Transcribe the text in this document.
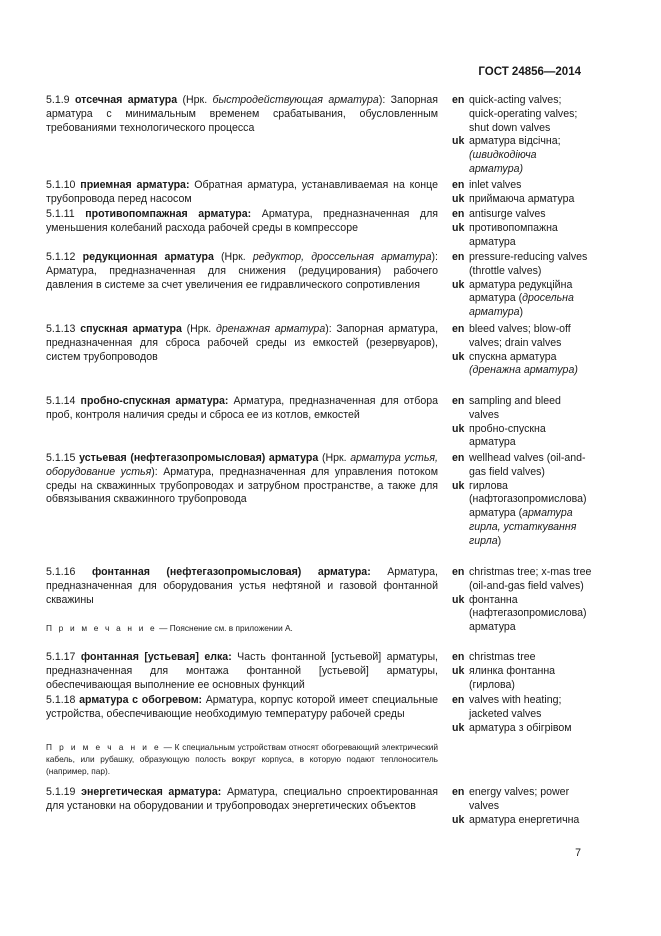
ГОСТ 24856—2014
5.1.9 отсечная арматура (Нрк. быстродействующая арматура): Запорная арматура с минимальным временем срабатывания, обусловленным требованиями технологического процесса
en quick-acting valves; quick-operating valves; shut down valves
uk арматура відсічна; (швидкодіюча арматура)
5.1.10 приемная арматура: Обратная арматура, устанавливаемая на конце трубопровода перед насосом
en inlet valves
uk приймаюча арматура
5.1.11 противопомпажная арматура: Арматура, предназначенная для уменьшения колебаний расхода рабочей среды в компрессоре
en antisurge valves
uk противопомпажна арматура
5.1.12 редукционная арматура (Нрк. редуктор, дроссельная арматура): Арматура, предназначенная для снижения (редуцирования) рабочего давления в системе за счет увеличения ее гидравлического сопротивления
en pressure-reducing valves (throttle valves)
uk арматура редукційна арматура (дросельна арматура)
5.1.13 спускная арматура (Нрк. дренажная арматура): Запорная арматура, предназначенная для сброса рабочей среды из емкостей (резервуаров), систем трубопроводов
en bleed valves; blow-off valves; drain valves
uk спускна арматура (дренажна арматура)
5.1.14 пробно-спускная арматура: Арматура, предназначенная для отбора проб, контроля наличия среды и сброса ее из котлов, емкостей
en sampling and bleed valves
uk пробно-спускна арматура
5.1.15 устьевая (нефтегазопромысловая) арматура (Нрк. арматура устья, оборудование устья): Арматура, предназначенная для управления потоком среды на скважинных трубопроводах и затрубном пространстве, а также для обвязывания скважинного трубопровода
en wellhead valves (oil-and-gas field valves)
uk гирлова (нафтогазопромислова) арматура (арматура гирла, устаткування гирла)
5.1.16 фонтанная (нефтегазопромысловая) арматура: Арматура, предназначенная для оборудования устья нефтяной и газовой фонтанной скважины
en christmas tree; x-mas tree (oil-and-gas field valves)
uk фонтанна (нафтегазопромислова) арматура
П р и м е ч а н и е — Пояснение см. в приложении А.
5.1.17 фонтанная [устьевая] елка: Часть фонтанной [устьевой] арматуры, предназначенная для монтажа фонтанной [устьевой] арматуры, обеспечивающая выполнение ее основных функций
en christmas tree
uk ялинка фонтанна (гирлова)
5.1.18 арматура с обогревом: Арматура, корпус которой имеет специальные устройства, обеспечивающие необходимую температуру рабочей среды
en valves with heating; jacketed valves
uk арматура з обігрівом
П р и м е ч а н и е — К специальным устройствам относят обогревающий электрический кабель, или рубашку, образующую полость вокруг корпуса, в которую подают теплоноситель (например, пар).
5.1.19 энергетическая арматура: Арматура, специально спроектированная для установки на оборудовании и трубопроводах энергетических объектов
en energy valves; power valves
uk арматура енергетична
7
